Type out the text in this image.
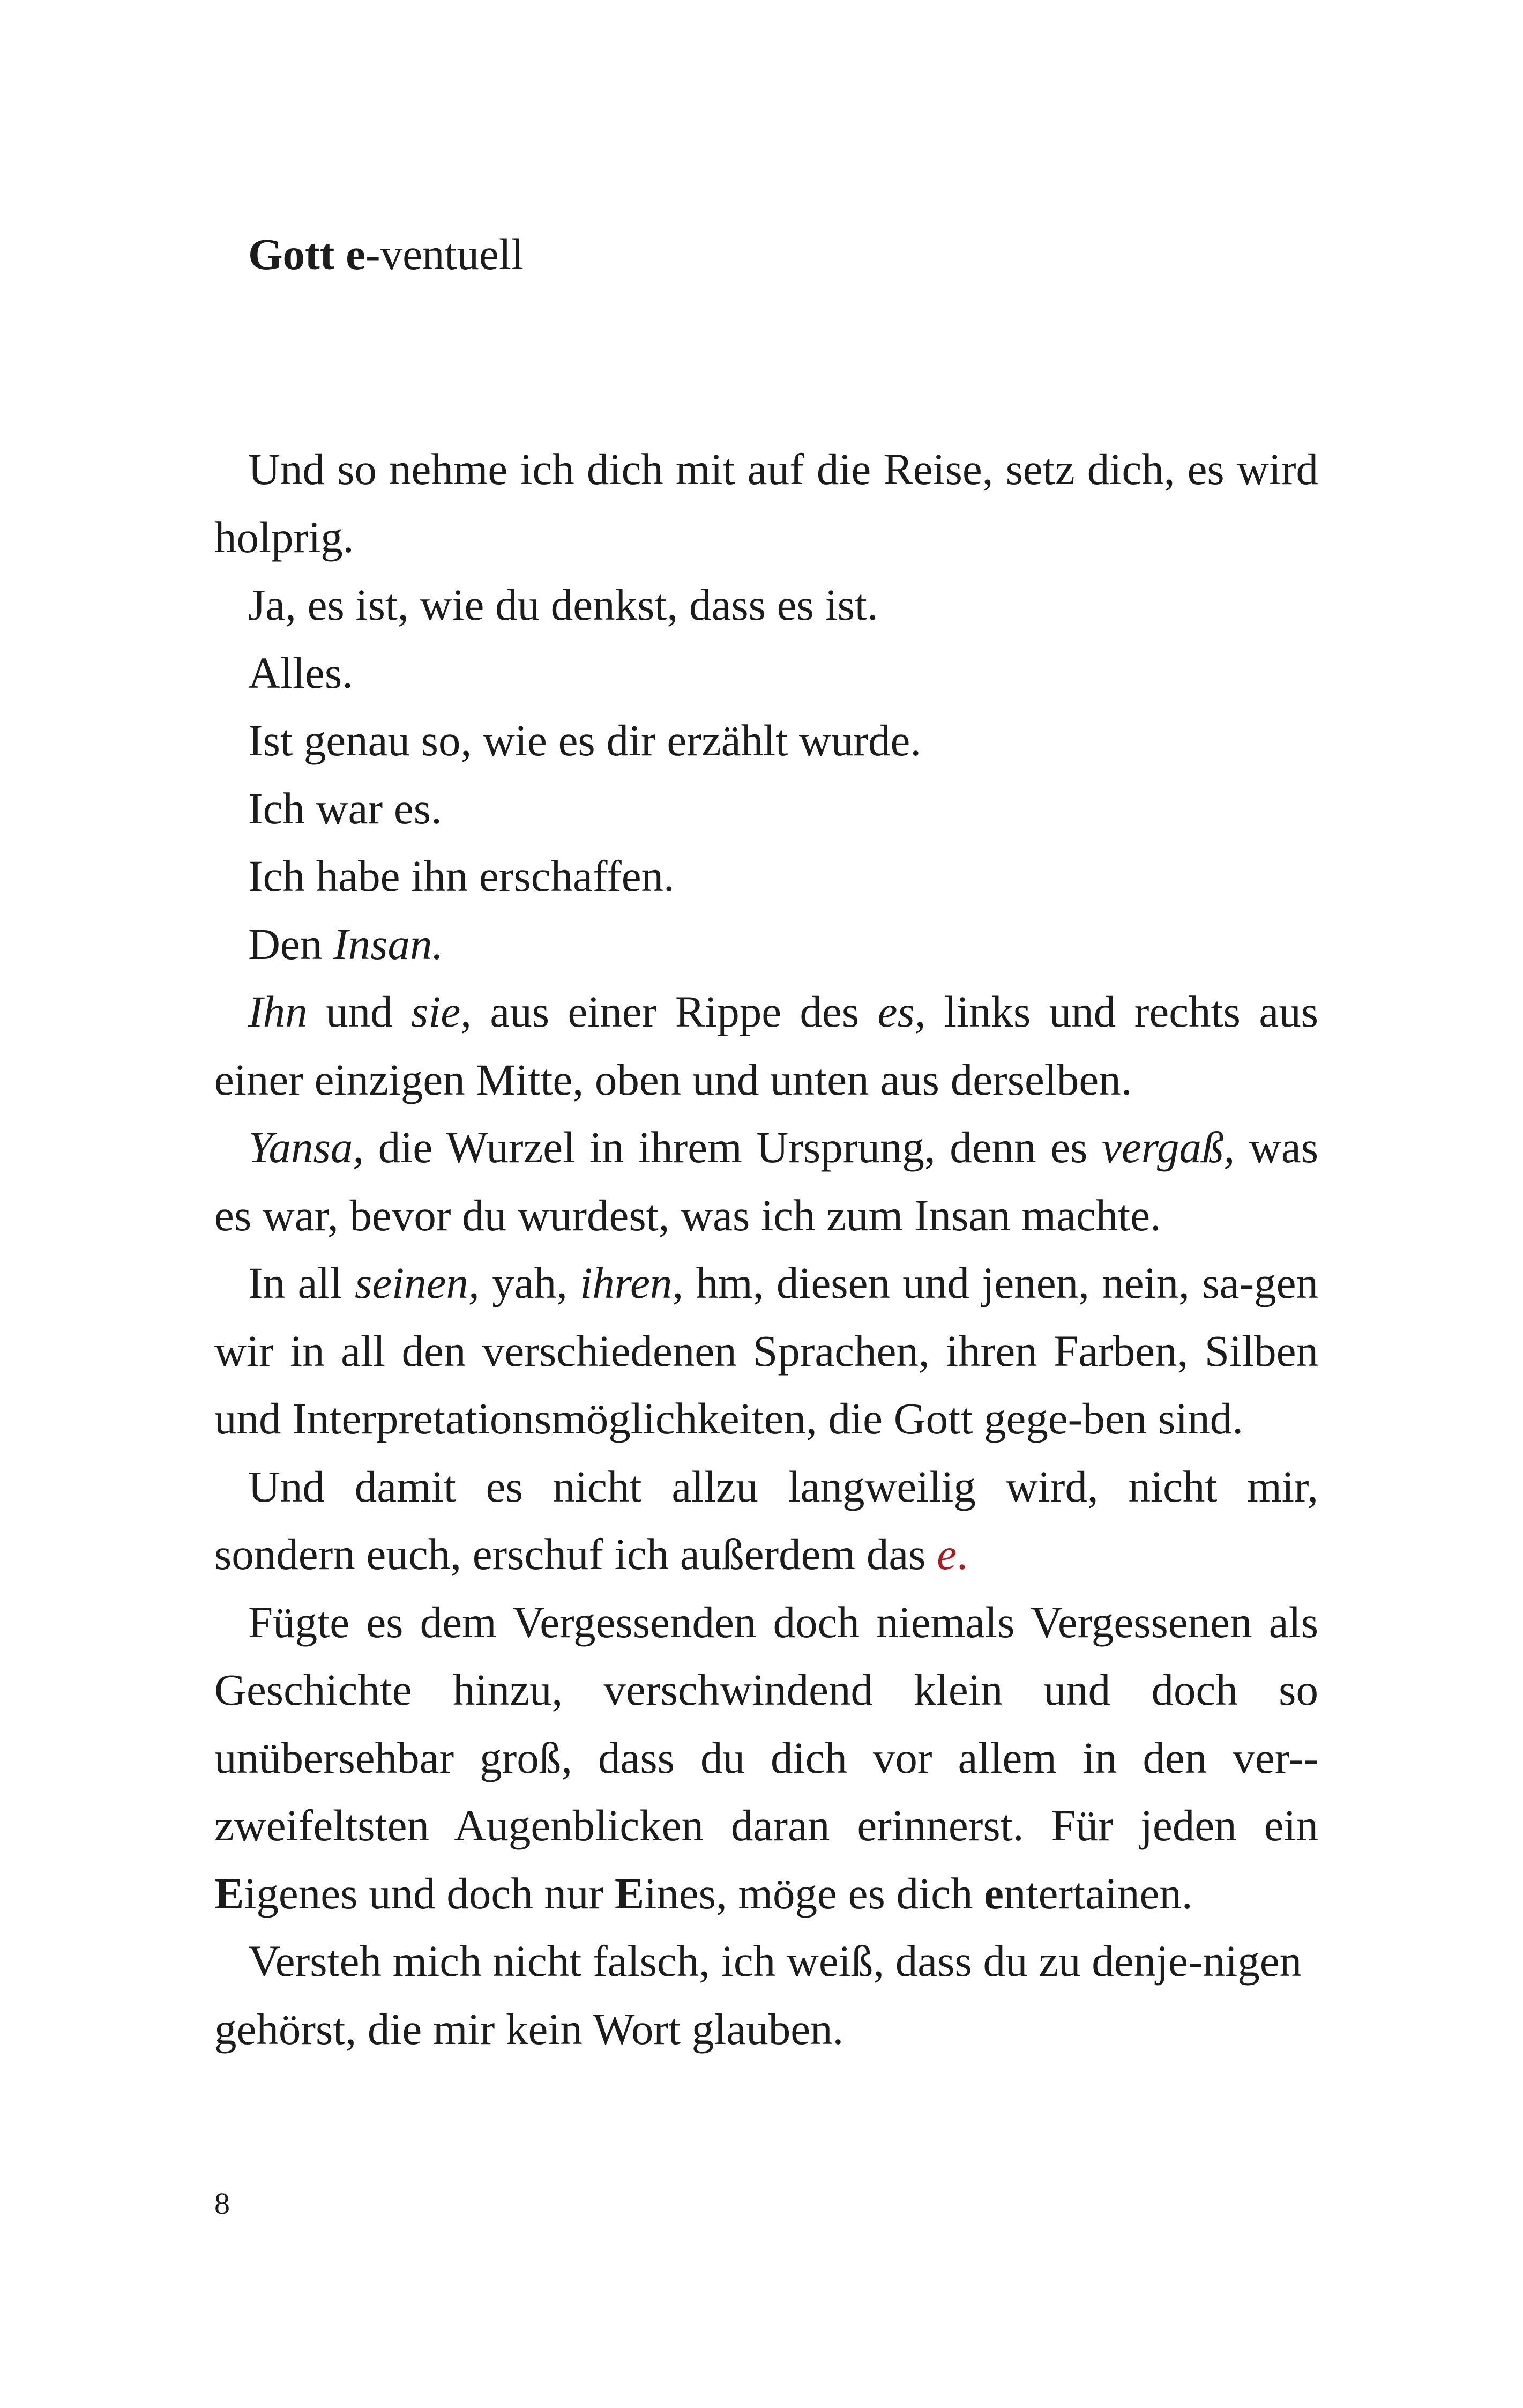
Gott e-ventuell

Und so nehme ich dich mit auf die Reise, setz dich, es wird holprig.

Ja, es ist, wie du denkst, dass es ist.

Alles.

Ist genau so, wie es dir erzählt wurde.

Ich war es.

Ich habe ihn erschaffen.

Den Insan.

Ihn und sie, aus einer Rippe des es, links und rechts aus einer einzigen Mitte, oben und unten aus derselben.

Yansa, die Wurzel in ihrem Ursprung, denn es vergaß, was es war, bevor du wurdest, was ich zum Insan machte.

In all seinen, yah, ihren, hm, diesen und jenen, nein, sa-gen wir in all den verschiedenen Sprachen, ihren Farben, Silben und Interpretationsmöglichkeiten, die Gott gege-ben sind.

Und damit es nicht allzu langweilig wird, nicht mir, sondern euch, erschuf ich außerdem das e.

Fügte es dem Vergessenden doch niemals Vergessenen als Geschichte hinzu, verschwindend klein und doch so unübersehbar groß, dass du dich vor allem in den ver-zweifeltsten Augenblicken daran erinnerst. Für jeden ein Eigenes und doch nur Eines, möge es dich entertainen.

Versteh mich nicht falsch, ich weiß, dass du zu denje-nigen gehörst, die mir kein Wort glauben.

8
